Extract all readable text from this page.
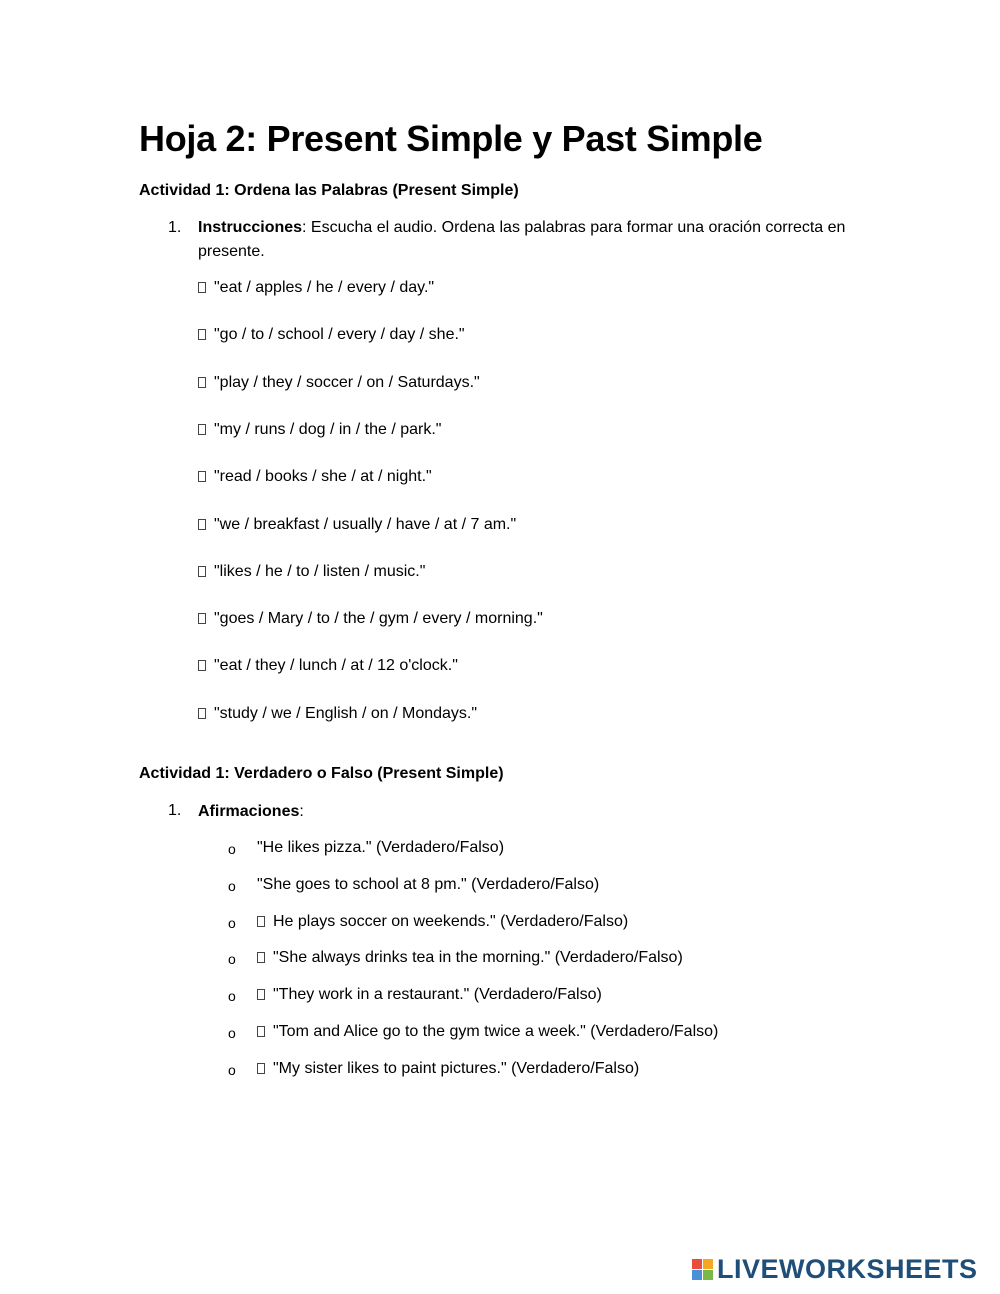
Hoja 2: Present Simple y Past Simple
Actividad 1: Ordena las Palabras (Present Simple)
1. Instrucciones: Escucha el audio. Ordena las palabras para formar una oración correcta en presente.
"eat / apples / he / every / day."
"go / to / school / every / day / she."
"play / they / soccer / on / Saturdays."
"my / runs / dog / in / the / park."
"read / books / she / at / night."
"we / breakfast / usually / have / at / 7 am."
"likes / he / to / listen / music."
"goes / Mary / to / the / gym / every / morning."
"eat / they / lunch / at / 12 o'clock."
"study / we / English / on / Mondays."
Actividad 1: Verdadero o Falso (Present Simple)
1. Afirmaciones:
o "He likes pizza." (Verdadero/Falso)
o "She goes to school at 8 pm." (Verdadero/Falso)
o	He plays soccer on weekends." (Verdadero/Falso)
o	"She always drinks tea in the morning." (Verdadero/Falso)
o	"They work in a restaurant." (Verdadero/Falso)
o	"Tom and Alice go to the gym twice a week." (Verdadero/Falso)
o	"My sister likes to paint pictures." (Verdadero/Falso)
LIVEWORKSHEETS
